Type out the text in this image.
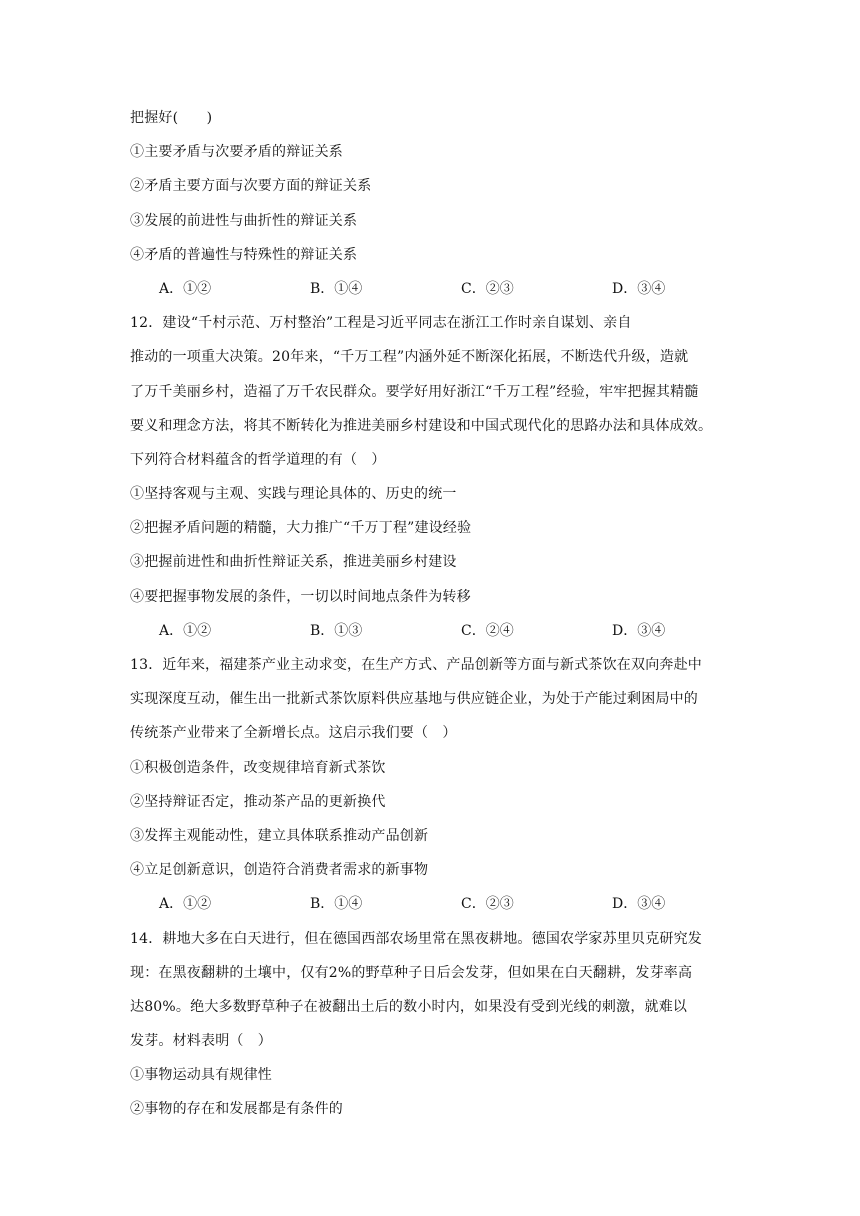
把握好(　　)
①主要矛盾与次要矛盾的辩证关系
②矛盾主要方面与次要方面的辩证关系
③发展的前进性与曲折性的辩证关系
④矛盾的普遍性与特殊性的辩证关系
A．①②	B．①④	C．②③	D．③④
12．建设“千村示范、万村整治”工程是习近平同志在浙江工作时亲自谋划、亲自
推动的一项重大决策。20年来，“千万工程”内涵外延不断深化拓展，不断迭代升级，造就
了万千美丽乡村，造福了万千农民群众。要学好用好浙江“千万工程”经验，牢牢把握其精髓
要义和理念方法，将其不断转化为推进美丽乡村建设和中国式现代化的思路办法和具体成效。
下列符合材料蕴含的哲学道理的有（　）
①坚持客观与主观、实践与理论具体的、历史的统一
②把握矛盾问题的精髓，大力推广“千万丁程”建设经验
③把握前进性和曲折性辩证关系，推进美丽乡村建设
④要把握事物发展的条件，一切以时间地点条件为转移
A．①②	B．①③	C．②④	D．③④
13．近年来，福建茶产业主动求变，在生产方式、产品创新等方面与新式茶饮在双向奔赴中
实现深度互动，催生出一批新式茶饮原料供应基地与供应链企业，为处于产能过剩困局中的
传统茶产业带来了全新增长点。这启示我们要（　）
①积极创造条件，改变规律培育新式茶饮
②坚持辩证否定，推动茶产品的更新换代
③发挥主观能动性，建立具体联系推动产品创新
④立足创新意识，创造符合消费者需求的新事物
A．①②	B．①④	C．②③	D．③④
14．耕地大多在白天进行，但在德国西部农场里常在黑夜耕地。德国农学家苏里贝克研究发
现：在黑夜翻耕的土壤中，仅有2%的野草种子日后会发芽，但如果在白天翻耕，发芽率高
达80%。绝大多数野草种子在被翻出土后的数小时内，如果没有受到光线的刺激，就难以
发芽。材料表明（　）
①事物运动具有规律性
②事物的存在和发展都是有条件的
